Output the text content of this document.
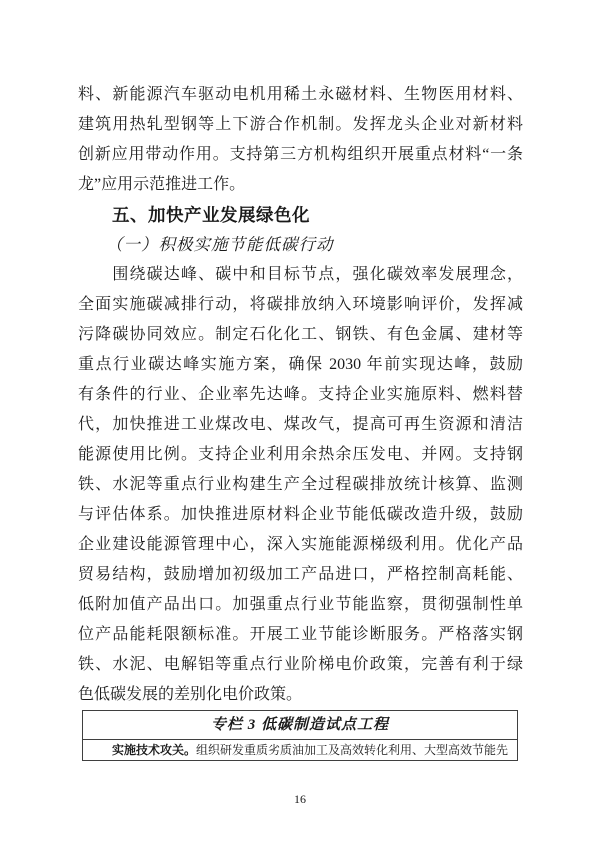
料、新能源汽车驱动电机用稀土永磁材料、生物医用材料、
建筑用热轧型钢等上下游合作机制。发挥龙头企业对新材料
创新应用带动作用。支持第三方机构组织开展重点材料“一条
龙”应用示范推进工作。
五、加快产业发展绿色化
（一）积极实施节能低碳行动
　　围绕碳达峰、碳中和目标节点，强化碳效率发展理念，
全面实施碳减排行动，将碳排放纳入环境影响评价，发挥减
污降碳协同效应。制定石化化工、钢铁、有色金属、建材等
重点行业碳达峰实施方案，确保 2030 年前实现达峰，鼓励
有条件的行业、企业率先达峰。支持企业实施原料、燃料替
代，加快推进工业煤改电、煤改气，提高可再生资源和清洁
能源使用比例。支持企业利用余热余压发电、并网。支持钢
铁、水泥等重点行业构建生产全过程碳排放统计核算、监测
与评估体系。加快推进原材料企业节能低碳改造升级，鼓励
企业建设能源管理中心，深入实施能源梯级利用。优化产品
贸易结构，鼓励增加初级加工产品进口，严格控制高耗能、
低附加值产品出口。加强重点行业节能监察，贯彻强制性单
位产品能耗限额标准。开展工业节能诊断服务。严格落实钢
铁、水泥、电解铝等重点行业阶梯电价政策，完善有利于绿
色低碳发展的差别化电价政策。
专栏 3 低碳制造试点工程
实施技术攻关。组织研发重质劣质油加工及高效转化利用、大型高效节能先
16
